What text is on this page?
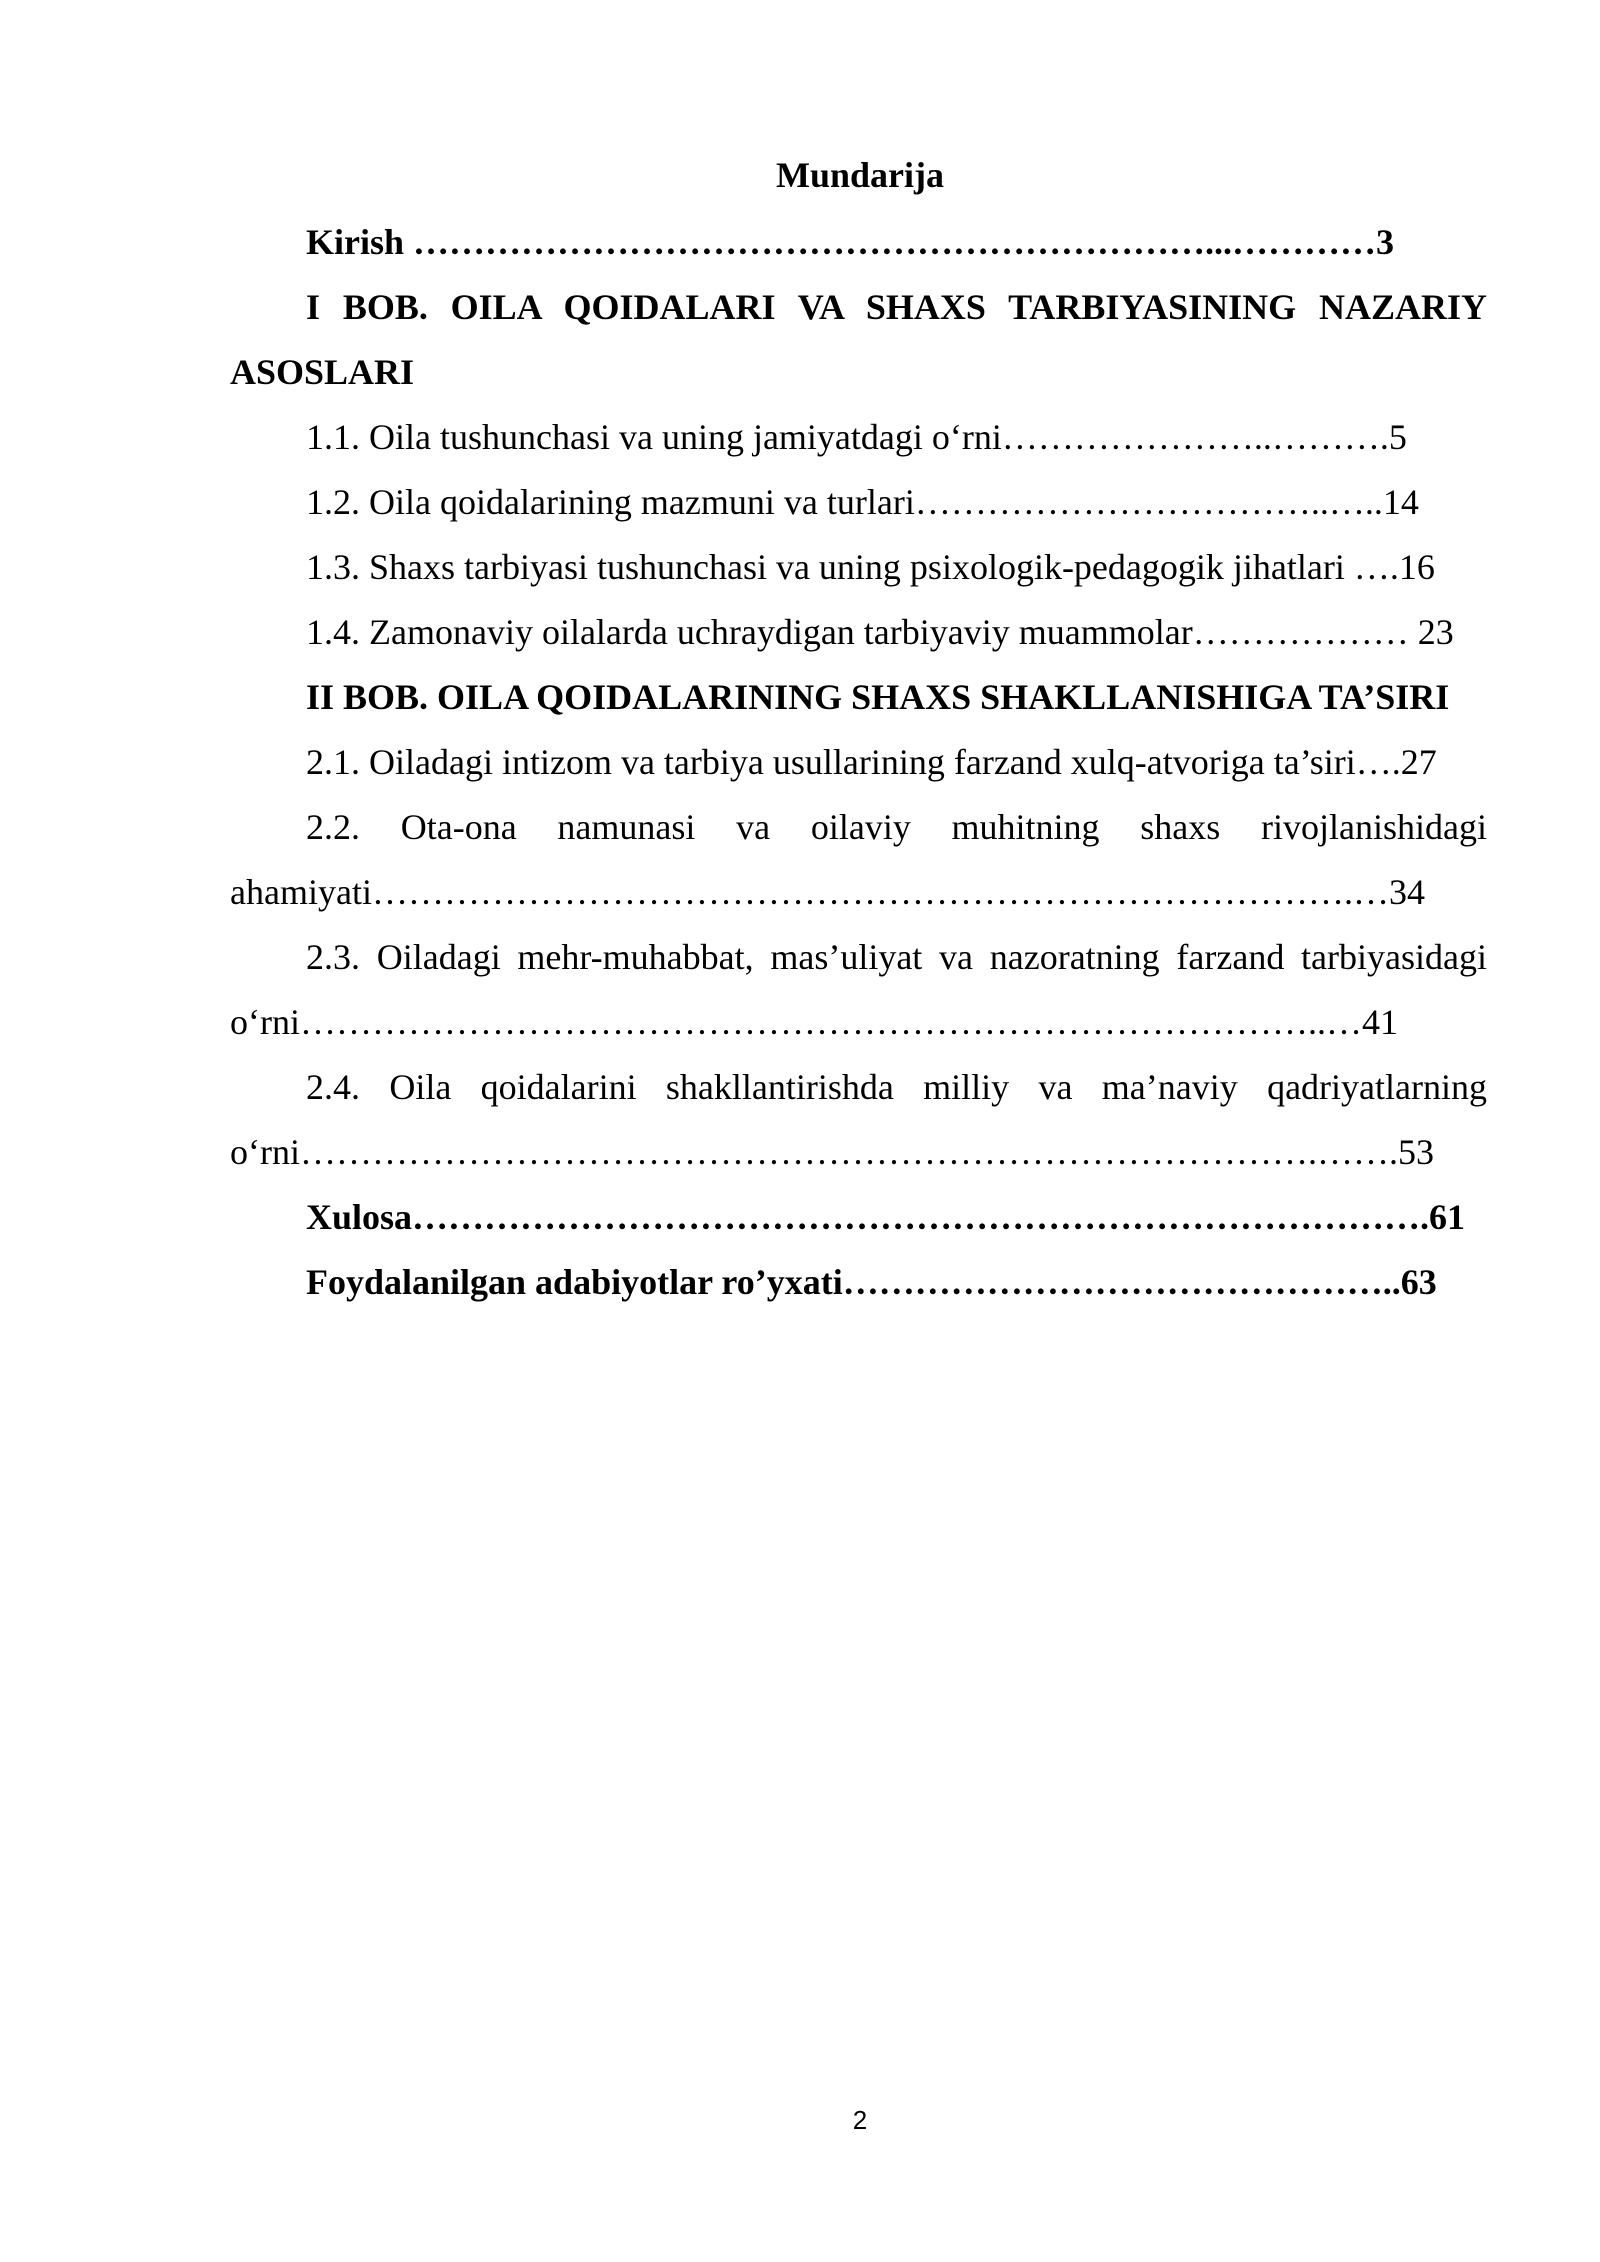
Mundarija

Kirish …………………………………………………………...…………3

I BOB. OILA QOIDALARI VA SHAXS TARBIYASINING NAZARIY ASOSLARI

1.1. Oila tushunchasi va uning jamiyatdagi o‘rni…………………..……….5

1.2. Oila qoidalarining mazmuni va turlari……………………………..…..14

1.3. Shaxs tarbiyasi tushunchasi va uning psixologik-pedagogik jihatlari ….16

1.4. Zamonaviy oilalarda uchraydigan tarbiyaviy muammolar……………… 23

II BOB. OILA QOIDALARINING SHAXS SHAKLLANISHIGA TA’SIRI

2.1. Oiladagi intizom va tarbiya usullarining farzand xulq-atvoriga ta’siri….27

2.2. Ota-ona namunasi va oilaviy muhitning shaxs rivojlanishidagi ahamiyati……………………………………………………………………….…34

2.3. Oiladagi mehr-muhabbat, mas’uliyat va nazoratning farzand tarbiyasidagi o‘rni…………………………………………………………………………..…41

2.4. Oila qoidalarini shakllantirishda milliy va ma’naviy qadriyatlarning o‘rni………………………………………………………………………….…….53

Xulosa………………………………………………………………………….61

Foydalanilgan adabiyotlar ro’yxati………………………………………..63

2
